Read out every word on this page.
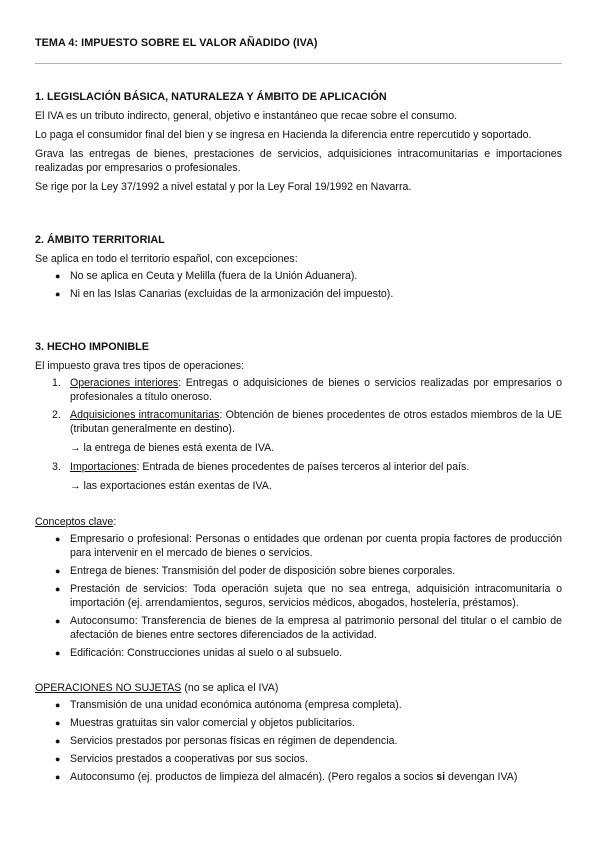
TEMA 4: IMPUESTO SOBRE EL VALOR AÑADIDO (IVA)

1. LEGISLACIÓN BÁSICA, NATURALEZA Y ÁMBITO DE APLICACIÓN

El IVA es un tributo indirecto, general, objetivo e instantáneo que recae sobre el consumo.

Lo paga el consumidor final del bien y se ingresa en Hacienda la diferencia entre repercutido y soportado.

Grava las entregas de bienes, prestaciones de servicios, adquisiciones intracomunitarias e importaciones realizadas por empresarios o profesionales.

Se rige por la Ley 37/1992 a nivel estatal y por la Ley Foral 19/1992 en Navarra.

2. ÁMBITO TERRITORIAL

Se aplica en todo el territorio español, con excepciones:

● No se aplica en Ceuta y Melilla (fuera de la Unión Aduanera).
● Ni en las Islas Canarias (excluidas de la armonización del impuesto).
3. HECHO IMPONIBLE

El impuesto grava tres tipos de operaciones:

1. Operaciones interiores: Entregas o adquisiciones de bienes o servicios realizadas por empresarios o profesionales a título oneroso.
2. Adquisiciones intracomunitarias: Obtención de bienes procedentes de otros estados miembros de la UE (tributan generalmente en destino).

→ la entrega de bienes está exenta de IVA.

3. Importaciones: Entrada de bienes procedentes de países terceros al interior del país.

→ las exportaciones están exentas de IVA.

Conceptos clave:

● Empresario o profesional: Personas o entidades que ordenan por cuenta propia factores de producción para intervenir en el mercado de bienes o servicios.
● Entrega de bienes: Transmisión del poder de disposición sobre bienes corporales.
● Prestación de servicios: Toda operación sujeta que no sea entrega, adquisición intracomunitaria o importación (ej. arrendamientos, seguros, servicios médicos, abogados, hostelería, préstamos).
● Autoconsumo: Transferencia de bienes de la empresa al patrimonio personal del titular o el cambio de afectación de bienes entre sectores diferenciados de la actividad.
● Edificación: Construcciones unidas al suelo o al subsuelo.

OPERACIONES NO SUJETAS (no se aplica el IVA)

● Transmisión de una unidad económica autónoma (empresa completa).
● Muestras gratuitas sin valor comercial y objetos publicitarios.
● Servicios prestados por personas físicas en régimen de dependencia.
● Servicios prestados a cooperativas por sus socios.
● Autoconsumo (ej. productos de limpieza del almacén). (Pero regalos a socios si devengan IVA)
